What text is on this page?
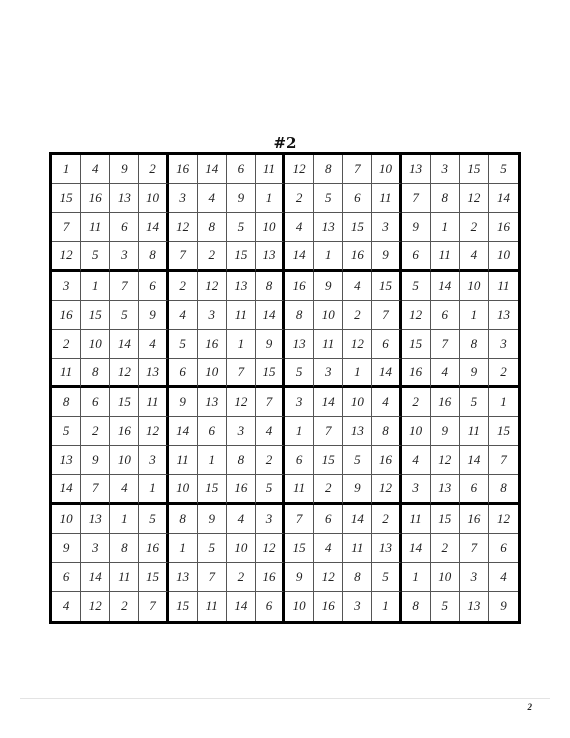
#2
1	4	9	2	16	14	6	11	12	8	7	10	13	3	15	5
15	16	13	10	3	4	9	1	2	5	6	11	7	8	12	14
7	11	6	14	12	8	5	10	4	13	15	3	9	1	2	16
12	5	3	8	7	2	15	13	14	1	16	9	6	11	4	10
3	1	7	6	2	12	13	8	16	9	4	15	5	14	10	11
16	15	5	9	4	3	11	14	8	10	2	7	12	6	1	13
2	10	14	4	5	16	1	9	13	11	12	6	15	7	8	3
11	8	12	13	6	10	7	15	5	3	1	14	16	4	9	2
8	6	15	11	9	13	12	7	3	14	10	4	2	16	5	1
5	2	16	12	14	6	3	4	1	7	13	8	10	9	11	15
13	9	10	3	11	1	8	2	6	15	5	16	4	12	14	7
14	7	4	1	10	15	16	5	11	2	9	12	3	13	6	8
10	13	1	5	8	9	4	3	7	6	14	2	11	15	16	12
9	3	8	16	1	5	10	12	15	4	11	13	14	2	7	6
6	14	11	15	13	7	2	16	9	12	8	5	1	10	3	4
4	12	2	7	15	11	14	6	10	16	3	1	8	5	13	9
2
